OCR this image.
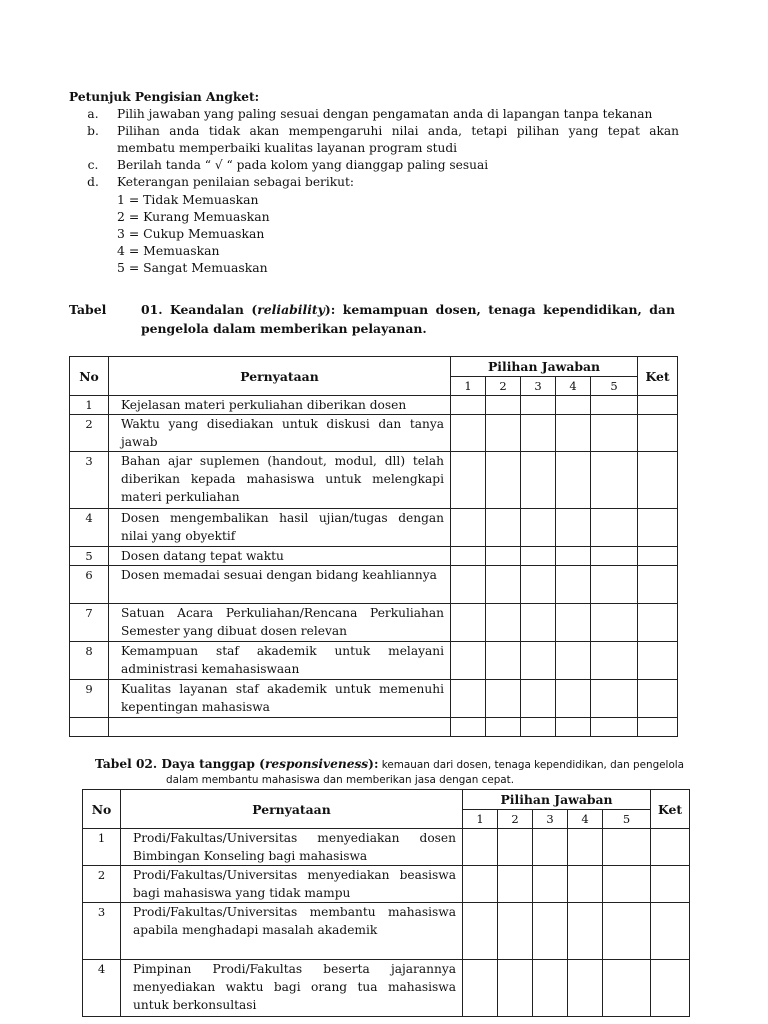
Petunjuk Pengisian Angket:
a.	Pilih jawaban yang paling sesuai dengan pengamatan anda di lapangan tanpa tekanan
b.	Pilihan anda tidak akan mempengaruhi nilai anda, tetapi pilihan yang tepat akan membatu memperbaiki kualitas layanan program studi
c.	Berilah tanda “ √ “ pada kolom yang dianggap paling sesuai
d.	Keterangan penilaian sebagai berikut:
1 = Tidak Memuaskan
2 = Kurang Memuaskan
3 = Cukup Memuaskan
4 = Memuaskan
5 = Sangat Memuaskan
Tabel	01. Keandalan (reliability): kemampuan dosen, tenaga kependidikan, dan
pengelola dalam memberikan pelayanan.
No	Pernyataan	Pilihan Jawaban					Ket
		1	2	3	4	5	
1	Kejelasan materi perkuliahan diberikan dosen						
2	Waktu yang disediakan untuk diskusi dan tanya jawab						
3	Bahan ajar suplemen (handout, modul, dll) telah diberikan kepada mahasiswa untuk melengkapi materi perkuliahan						
4	Dosen mengembalikan hasil ujian/tugas dengan nilai yang obyektif						
5	Dosen datang tepat waktu						
6	Dosen memadai sesuai dengan bidang keahliannya						
7	Satuan Acara Perkuliahan/Rencana Perkuliahan Semester yang dibuat dosen relevan						
8	Kemampuan staf akademik untuk melayani administrasi kemahasiswaan						
9	Kualitas layanan staf akademik untuk memenuhi kepentingan mahasiswa						

Tabel 02. Daya tanggap (responsiveness): kemauan dari dosen, tenaga kependidikan, dan pengelola
dalam membantu mahasiswa dan memberikan jasa dengan cepat.
No	Pernyataan	Pilihan Jawaban					Ket
		1	2	3	4	5	
1	Prodi/Fakultas/Universitas menyediakan dosen Bimbingan Konseling bagi mahasiswa						
2	Prodi/Fakultas/Universitas menyediakan beasiswa bagi mahasiswa yang tidak mampu						
3	Prodi/Fakultas/Universitas membantu mahasiswa apabila menghadapi masalah akademik						
4	Pimpinan Prodi/Fakultas beserta jajarannya menyediakan waktu bagi orang tua mahasiswa untuk berkonsultasi						
